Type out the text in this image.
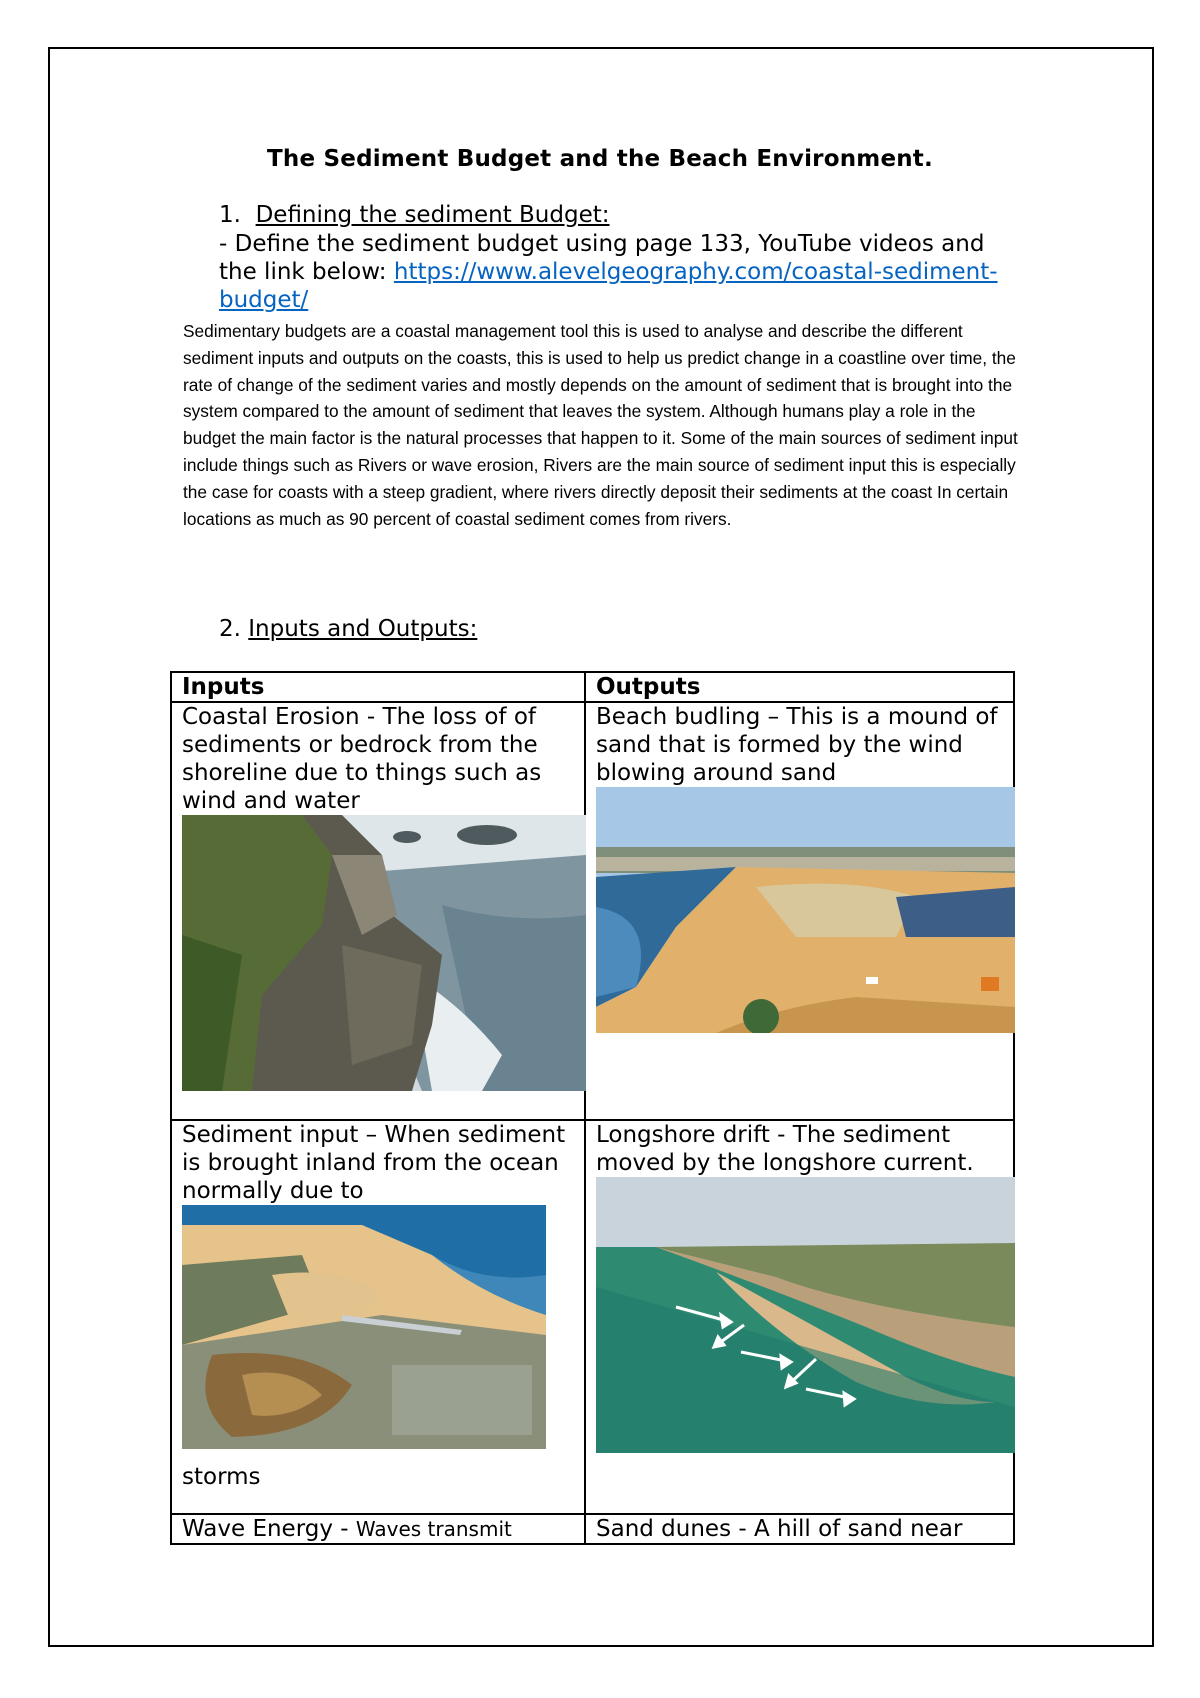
The Sediment Budget and the Beach Environment.
1. Defining the sediment Budget:
- Define the sediment budget using page 133, YouTube videos and the link below: https://www.alevelgeography.com/coastal-sediment-budget/
Sedimentary budgets are a coastal management tool this is used to analyse and describe the different sediment inputs and outputs on the coasts, this is used to help us predict change in a coastline over time, the rate of change of the sediment varies and mostly depends on the amount of sediment that is brought into the system compared to the amount of sediment that leaves the system. Although humans play a role in the budget the main factor is the natural processes that happen to it. Some of the main sources of sediment input include things such as Rivers or wave erosion, Rivers are the main source of sediment input this is especially the case for coasts with a steep gradient, where rivers directly deposit their sediments at the coast In certain locations as much as 90 percent of coastal sediment comes from rivers.
2. Inputs and Outputs:
Inputs	Outputs

Coastal Erosion - The loss of of sediments or bedrock from the shoreline due to things such as wind and water	Beach budling – This is a mound of sand that is formed by the wind blowing around sand

Sediment input – When sediment is brought inland from the ocean normally due to
storms	Longshore drift - The sediment moved by the longshore current.

Wave Energy - Waves transmit	Sand dunes - A hill of sand near
